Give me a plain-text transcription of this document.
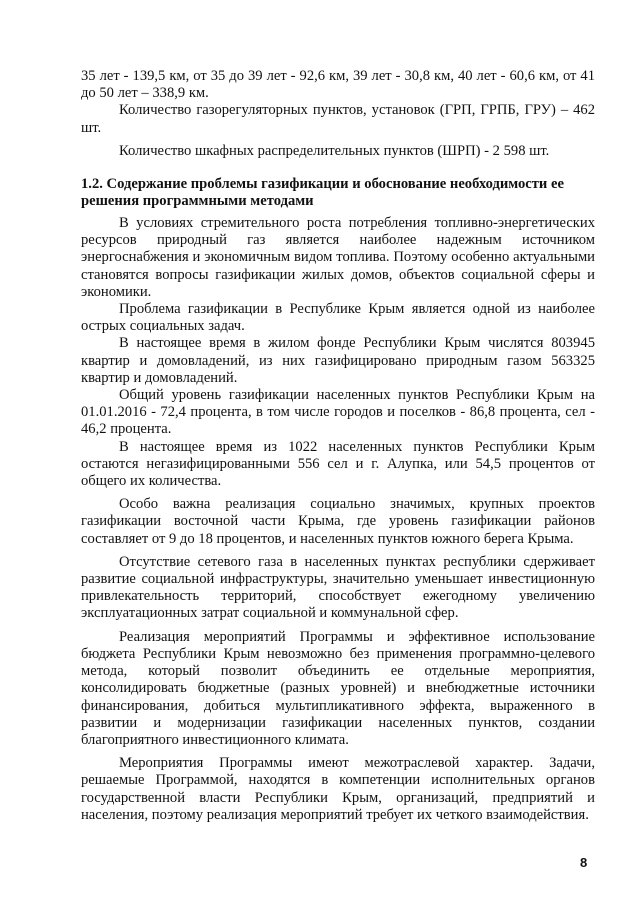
35 лет - 139,5 км, от 35 до 39 лет - 92,6 км, 39 лет - 30,8 км, 40 лет - 60,6 км, от 41 до 50 лет – 338,9 км.

Количество газорегуляторных пунктов, установок (ГРП, ГРПБ, ГРУ) – 462 шт.

Количество шкафных распределительных пунктов (ШРП) - 2 598 шт.

1.2. Содержание проблемы газификации и обоснование необходимости ее решения программными методами

В условиях стремительного роста потребления топливно-энергетических ресурсов природный газ является наиболее надежным источником энергоснабжения и экономичным видом топлива. Поэтому особенно актуальными становятся вопросы газификации жилых домов, объектов социальной сферы и экономики.

Проблема газификации в Республике Крым является одной из наиболее острых социальных задач.

В настоящее время в жилом фонде Республики Крым числятся 803945 квартир и домовладений, из них газифицировано природным газом 563325 квартир и домовладений.

Общий уровень газификации населенных пунктов Республики Крым на 01.01.2016 - 72,4 процента, в том числе городов и поселков - 86,8 процента, сел - 46,2 процента.

В настоящее время из 1022 населенных пунктов Республики Крым остаются негазифицированными 556 сел и г. Алупка, или 54,5 процентов от общего их количества.

Особо важна реализация социально значимых, крупных проектов газификации восточной части Крыма, где уровень газификации районов составляет от 9 до 18 процентов, и населенных пунктов южного берега Крыма.

Отсутствие сетевого газа в населенных пунктах республики сдерживает развитие социальной инфраструктуры, значительно уменьшает инвестиционную привлекательность территорий, способствует ежегодному увеличению эксплуатационных затрат социальной и коммунальной сфер.

Реализация мероприятий Программы и эффективное использование бюджета Республики Крым невозможно без применения программно-целевого метода, который позволит объединить ее отдельные мероприятия, консолидировать бюджетные (разных уровней) и внебюджетные источники финансирования, добиться мультипликативного эффекта, выраженного в развитии и модернизации газификации населенных пунктов, создании благоприятного инвестиционного климата.

Мероприятия Программы имеют межотраслевой характер. Задачи, решаемые Программой, находятся в компетенции исполнительных органов государственной власти Республики Крым, организаций, предприятий и населения, поэтому реализация мероприятий требует их четкого взаимодействия.

8
